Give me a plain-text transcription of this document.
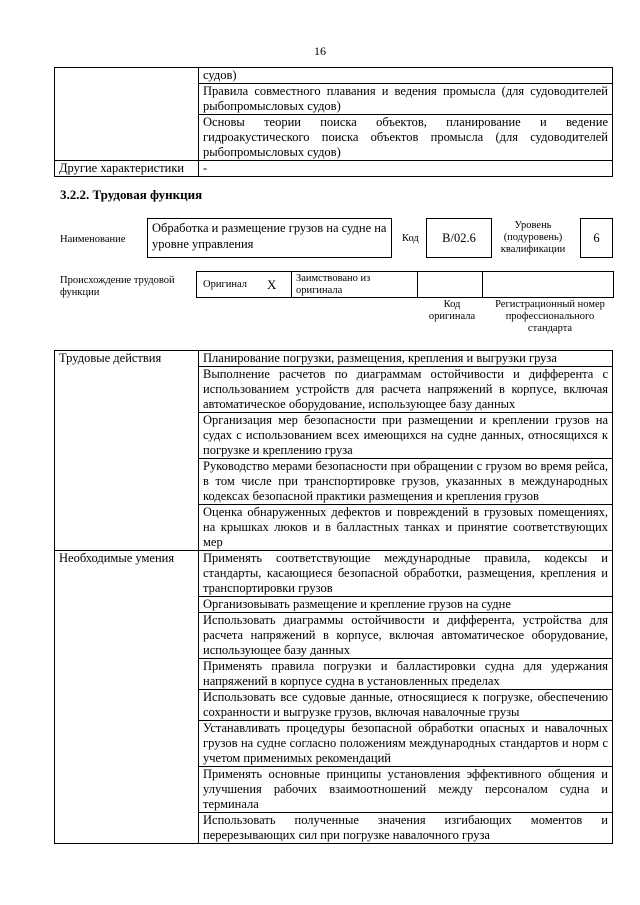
16
	судов)
	Правила совместного плавания и ведения промысла (для судоводителей рыбопромысловых судов)
	Основы теории поиска объектов, планирование и ведение гидроакустического поиска объектов промысла (для судоводителей рыбопромысловых судов)
Другие характеристики	-
3.2.2. Трудовая функция
Наименование
Обработка и размещение грузов на судне на уровне управления	Код B/02.6
Уровень (подуровень) квалификации
6
Происхождение трудовой функции
Оригинал X Заимствовано из оригинала
Код оригинала
Регистрационный номер профессионального стандарта
Трудовые действия	Планирование погрузки, размещения, крепления и выгрузки груза
	Выполнение расчетов по диаграммам остойчивости и дифферента с использованием устройств для расчета напряжений в корпусе, включая автоматическое оборудование, использующее базу данных
	Организация мер безопасности при размещении и креплении грузов на судах с использованием всех имеющихся на судне данных, относящихся к погрузке и креплению груза
	Руководство мерами безопасности при обращении с грузом во время рейса, в том числе при транспортировке грузов, указанных в международных кодексах безопасной практики размещения и крепления грузов
	Оценка обнаруженных дефектов и повреждений в грузовых помещениях, на крышках люков и в балластных танках и принятие соответствующих мер
Необходимые умения	Применять соответствующие международные правила, кодексы и стандарты, касающиеся безопасной обработки, размещения, крепления и транспортировки грузов
	Организовывать размещение и крепление грузов на судне
	Использовать диаграммы остойчивости и дифферента, устройства для расчета напряжений в корпусе, включая автоматическое оборудование, использующее базу данных
	Применять правила погрузки и балластировки судна для удержания напряжений в корпусе судна в установленных пределах
	Использовать все судовые данные, относящиеся к погрузке, обеспечению сохранности и выгрузке грузов, включая навалочные грузы
	Устанавливать процедуры безопасной обработки опасных и навалочных грузов на судне согласно положениям международных стандартов и норм с учетом применимых рекомендаций
	Применять основные принципы установления эффективного общения и улучшения рабочих взаимоотношений между персоналом судна и терминала
	Использовать полученные значения изгибающих моментов и перерезывающих сил при погрузке навалочного груза
